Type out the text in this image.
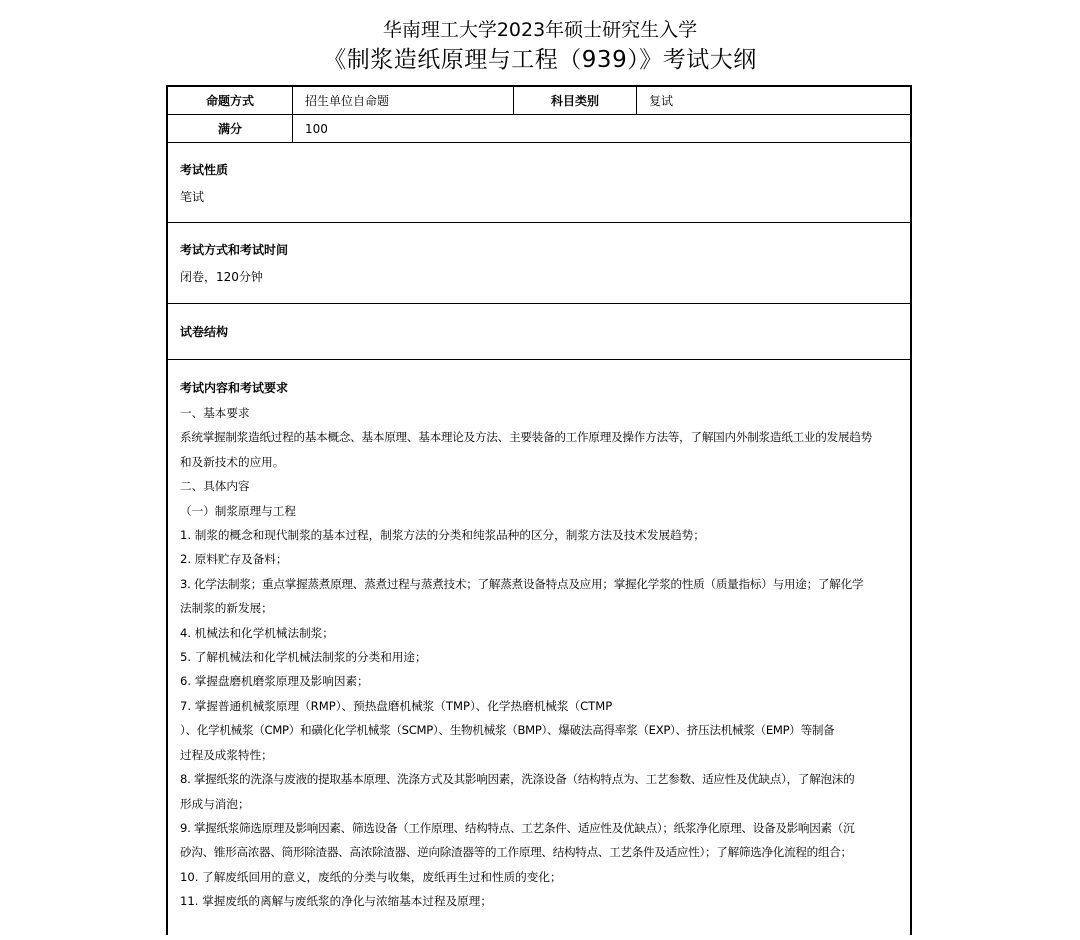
华南理工大学2023年硕士研究生入学
《制浆造纸原理与工程（939）》考试大纲
命题方式	招生单位自命题	科目类别	复试
满分	100
考试性质
笔试
考试方式和考试时间
闭卷，120分钟
试卷结构
考试内容和考试要求
一、基本要求
系统掌握制浆造纸过程的基本概念、基本原理、基本理论及方法、主要装备的工作原理及操作方法等，了解国内外制浆造纸工业的发展趋势
和及新技术的应用。
二、具体内容
（一）制浆原理与工程
1. 制浆的概念和现代制浆的基本过程，制浆方法的分类和纯浆品种的区分，制浆方法及技术发展趋势；
2. 原料贮存及备料；
3. 化学法制浆；重点掌握蒸煮原理、蒸煮过程与蒸煮技术；了解蒸煮设备特点及应用；掌握化学浆的性质（质量指标）与用途；了解化学
法制浆的新发展；
4. 机械法和化学机械法制浆；
5. 了解机械法和化学机械法制浆的分类和用途；
6. 掌握盘磨机磨浆原理及影响因素；
7. 掌握普通机械浆原理（RMP）、预热盘磨机械浆（TMP）、化学热磨机械浆（CTMP
）、化学机械浆（CMP）和磺化化学机械浆（SCMP）、生物机械浆（BMP）、爆破法高得率浆（EXP）、挤压法机械浆（EMP）等制备
过程及成浆特性；
8. 掌握纸浆的洗涤与废液的提取基本原理、洗涤方式及其影响因素，洗涤设备（结构特点为、工艺参数、适应性及优缺点），了解泡沫的
形成与消泡；
9. 掌握纸浆筛选原理及影响因素、筛选设备（工作原理、结构特点、工艺条件、适应性及优缺点）；纸浆净化原理、设备及影响因素（沉
砂沟、锥形高浓器、筒形除渣器、高浓除渣器、逆向除渣器等的工作原理、结构特点、工艺条件及适应性）；了解筛选净化流程的组合；
10. 了解废纸回用的意义，废纸的分类与收集，废纸再生过和性质的变化；
11. 掌握废纸的离解与废纸浆的净化与浓缩基本过程及原理；
